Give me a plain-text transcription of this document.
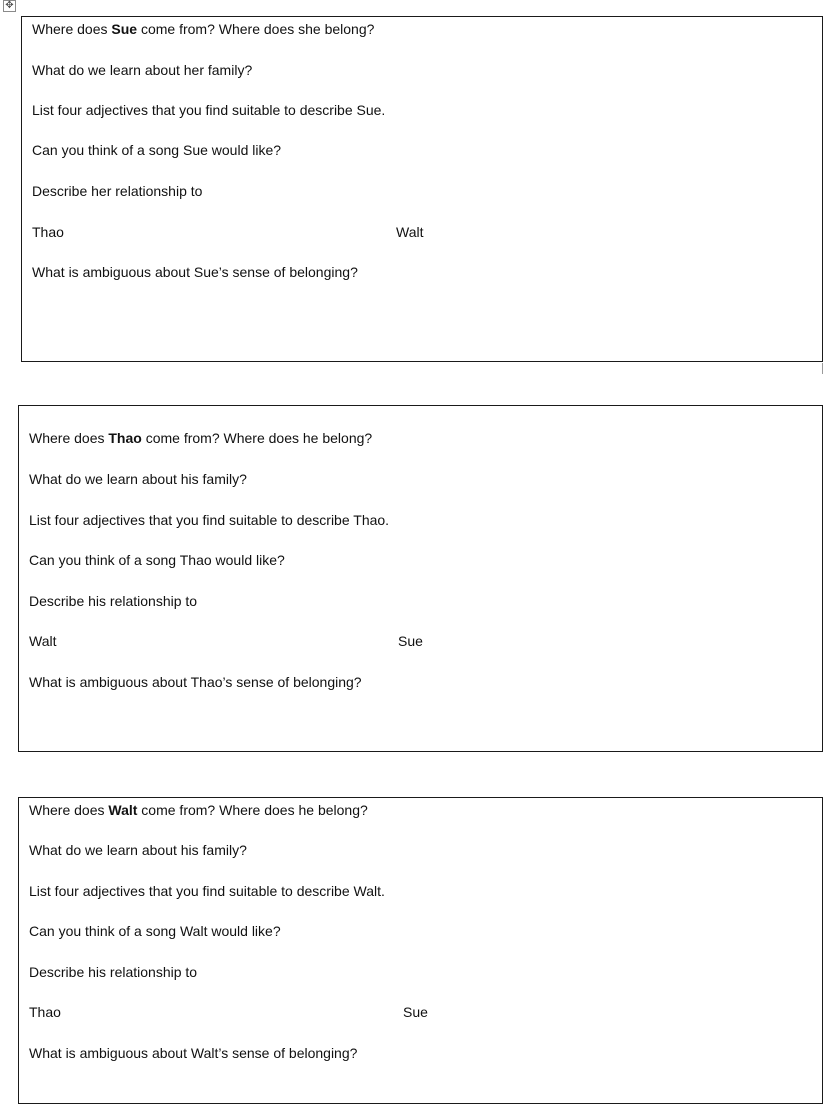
✥
Where does Sue come from? Where does she belong?
What do we learn about her family?
List four adjectives that you find suitable to describe Sue.
Can you think of a song Sue would like?
Describe her relationship to
Thao	Walt
What is ambiguous about Sue’s sense of belonging?
Where does Thao come from? Where does he belong?
What do we learn about his family?
List four adjectives that you find suitable to describe Thao.
Can you think of a song Thao would like?
Describe his relationship to
Walt	Sue
What is ambiguous about Thao’s sense of belonging?
Where does Walt come from? Where does he belong?
What do we learn about his family?
List four adjectives that you find suitable to describe Walt.
Can you think of a song Walt would like?
Describe his relationship to
Thao	Sue
What is ambiguous about Walt’s sense of belonging?
